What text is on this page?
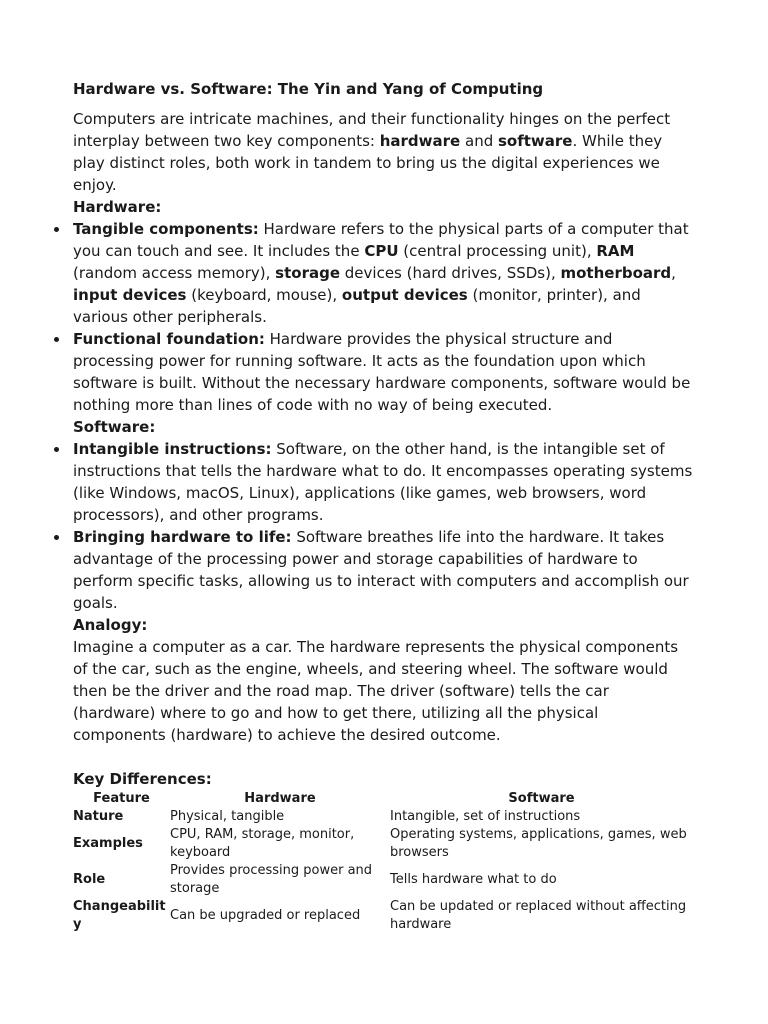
Hardware vs. Software: The Yin and Yang of Computing

Computers are intricate machines, and their functionality hinges on the perfect interplay between two key components: hardware and software. While they play distinct roles, both work in tandem to bring us the digital experiences we enjoy.

Hardware:
Tangible components: Hardware refers to the physical parts of a computer that you can touch and see. It includes the CPU (central processing unit), RAM (random access memory), storage devices (hard drives, SSDs), motherboard, input devices (keyboard, mouse), output devices (monitor, printer), and various other peripherals.
Functional foundation: Hardware provides the physical structure and processing power for running software. It acts as the foundation upon which software is built. Without the necessary hardware components, software would be nothing more than lines of code with no way of being executed.
Software:
Intangible instructions: Software, on the other hand, is the intangible set of instructions that tells the hardware what to do. It encompasses operating systems (like Windows, macOS, Linux), applications (like games, web browsers, word processors), and other programs.
Bringing hardware to life: Software breathes life into the hardware. It takes advantage of the processing power and storage capabilities of hardware to perform specific tasks, allowing us to interact with computers and accomplish our goals.
Analogy:

Imagine a computer as a car. The hardware represents the physical components of the car, such as the engine, wheels, and steering wheel. The software would then be the driver and the road map. The driver (software) tells the car (hardware) where to go and how to get there, utilizing all the physical components (hardware) to achieve the desired outcome.

Key Differences:
Feature	Hardware	Software
Nature	Physical, tangible	Intangible, set of instructions
Examples	CPU, RAM, storage, monitor, keyboard	Operating systems, applications, games, web browsers
Role	Provides processing power and storage	Tells hardware what to do
Changeability	Can be upgraded or replaced	Can be updated or replaced without affecting hardware
